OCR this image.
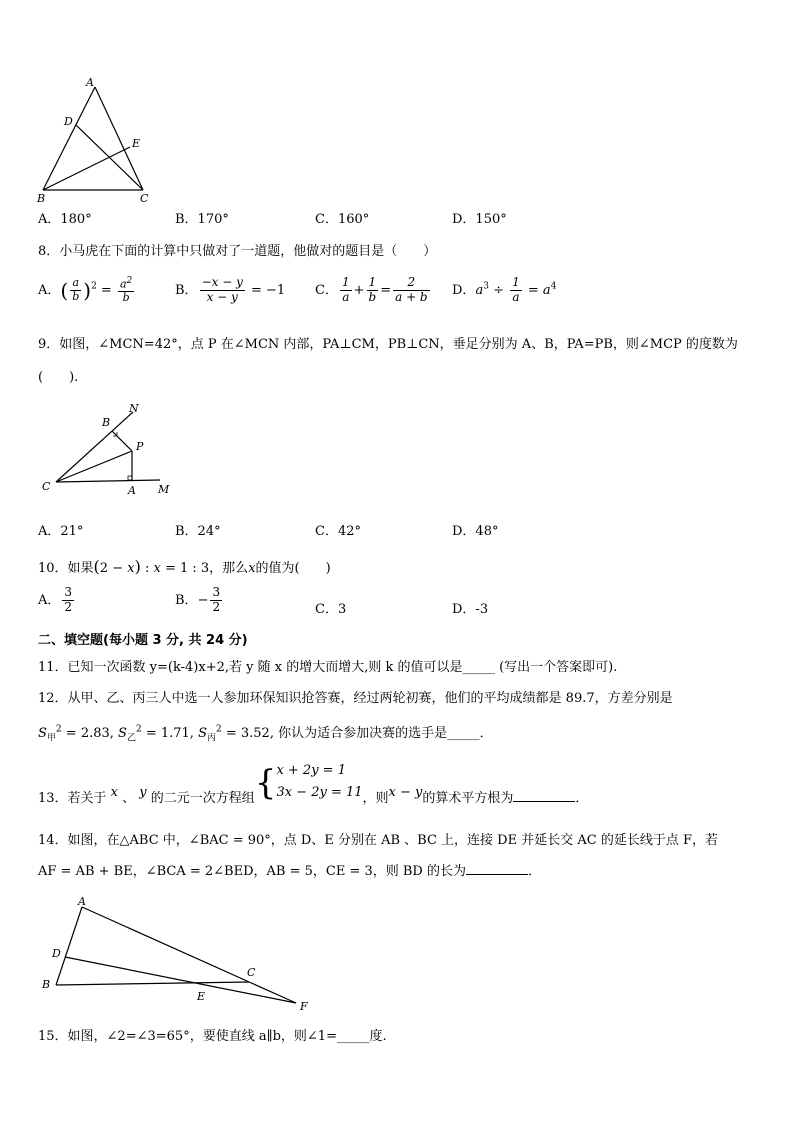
A
D
E
B	C
A．180°	B．170°	C．160°	D．150°
8．小马虎在下面的计算中只做对了一道题，他做对的题目是（　　）
A．( $\frac{a}{b} )^2 = \frac{a^2}{b}$	B． $\frac{-x - y}{x - y} = -1$ C． $\frac{1}{a} + \frac{1}{b} = \frac{2}{a + b}$ D．$a^3 \div \frac{1}{a} = a^4$
9．如图，∠MCN=42°，点 P 在∠MCN 内部，PA⊥CM，PB⊥CN，垂足分别为 A、B，PA=PB，则∠MCP 的度数为
(　　).
N
B
P
C	A M
A．21°	B．24°	C．42°	D．48°
10．如果(2 − x) : x = 1 : 3，那么x的值为(　　)
A． $\frac{3}{2}$	B．− $\frac{3}{2}$	C．3	D．-3
二、填空题(每小题 3 分, 共 24 分)
11．已知一次函数 y=(k-4)x+2,若 y 随 x 的增大而增大,则 k 的值可以是_____ (写出一个答案即可).
12．从甲、乙、丙三人中选一人参加环保知识抢答赛，经过两轮初赛，他们的平均成绩都是 89.7，方差分别是
$S_甲^2 = 2.83$, $S_乙^2 = 1.71$, $S_丙^2 = 3.52$, 你认为适合参加决赛的选手是_____．
13．若关于 x 、 y 的二元一次方程组{x + 2y = 1
3x − 2y = 11，则x − y的算术平方根为	．
14．如图，在△ABC 中，∠BAC = 90°，点 D、E 分别在 AB 、BC 上，连接 DE 并延长交 AC 的延长线于点 F，若
AF = AB + BE，∠BCA = 2∠BED，AB = 5，CE = 3，则 BD 的长为	．
A
D
B
E
C
F
15．如图，∠2=∠3=65°，要使直线 a∥b，则∠1=_____度.
